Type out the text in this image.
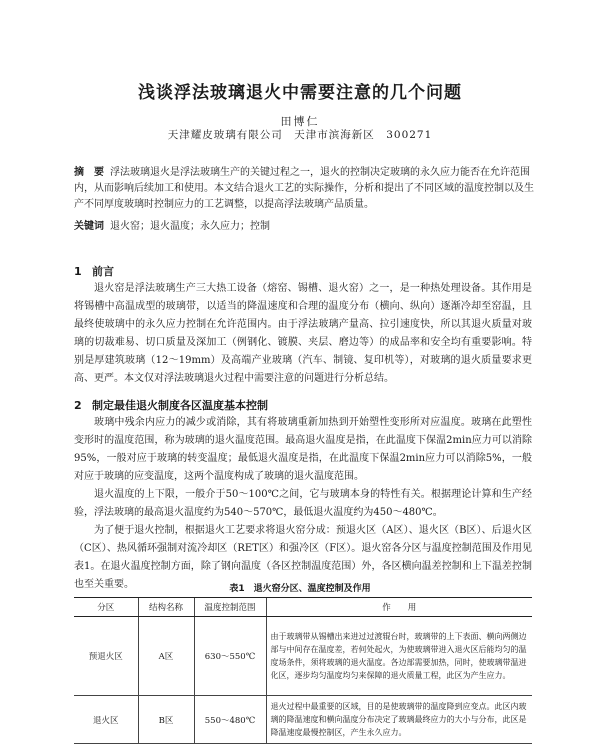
浅谈浮法玻璃退火中需要注意的几个问题
田博仁
天津耀皮玻璃有限公司　天津市滨海新区　300271
摘　要 浮法玻璃退火是浮法玻璃生产的关键过程之一，退火的控制决定玻璃的永久应力能否在允许范围内，从而影响后续加工和使用。本文结合退火工艺的实际操作，分析和提出了不同区域的温度控制以及生产不同厚度玻璃时控制应力的工艺调整，以提高浮法玻璃产品质量。
关键词 退火窑；退火温度；永久应力；控制
1 前言

退火窑是浮法玻璃生产三大热工设备（熔窑、锡槽、退火窑）之一，是一种热处理设备。其作用是将锡槽中高温成型的玻璃带，以适当的降温速度和合理的温度分布（横向、纵向）逐渐冷却至窑温，且最终使玻璃中的永久应力控制在允许范围内。由于浮法玻璃产量高、拉引速度快，所以其退火质量对玻璃的切裁难易、切口质量及深加工（例钢化、镀膜、夹层、磨边等）的成品率和安全均有重要影响。特别是厚建筑玻璃（12～19mm）及高端产业玻璃（汽车、制镜、复印机等），对玻璃的退火质量要求更高、更严。本文仅对浮法玻璃退火过程中需要注意的问题进行分析总结。

2 制定最佳退火制度各区温度基本控制

玻璃中残余内应力的减少或消除，其有将玻璃重新加热到开始塑性变形所对应温度。玻璃在此塑性变形时的温度范围，称为玻璃的退火温度范围。最高退火温度是指，在此温度下保温2min应力可以消除95%，一般对应于玻璃的转变温度；最低退火温度是指，在此温度下保温2min应力可以消除5%，一般对应于玻璃的应变温度，这两个温度构成了玻璃的退火温度范围。

退火温度的上下限，一般介于50～100℃之间，它与玻璃本身的特性有关。根据理论计算和生产经验，浮法玻璃的最高退火温度约为540～570℃，最低退火温度约为450～480℃。

为了便于退火控制，根据退火工艺要求将退火窑分成：预退火区（A区）、退火区（B区）、后退火区（C区）、热风循环强制对流冷却区（RET区）和强冷区（F区）。退火窑各分区与温度控制范围及作用见表1。在退火温度控制方面，除了钢向温度（各区控制温度范围）外，各区横向温差控制和上下温差控制也至关重要。	表1　退火窑分区、温度控制及作用
分区	结构名称	温度控制范围	作　　用
预退火区	A区	630～550℃	由于玻璃带从锡槽出来进过过渡辊台时，玻璃带的上下表面、横向两侧边部与中间存在温度差，若何处起火，为使玻璃带进入退火区后能均匀的温度场条件，须将玻璃的退火温度。各边部需要加热，同时，使玻璃带温进化区，逐步均匀温度均匀来保障的退火质量工程，此区为产生应力。
退火区	B区	550～480℃	退火过程中最重要的区域，目的是使玻璃带的温度降到应变点。此区内玻璃的降温速度和横向温度分布决定了玻璃最终应力的大小与分布，此区是降温速度最慢控制区，产生永久应力。
